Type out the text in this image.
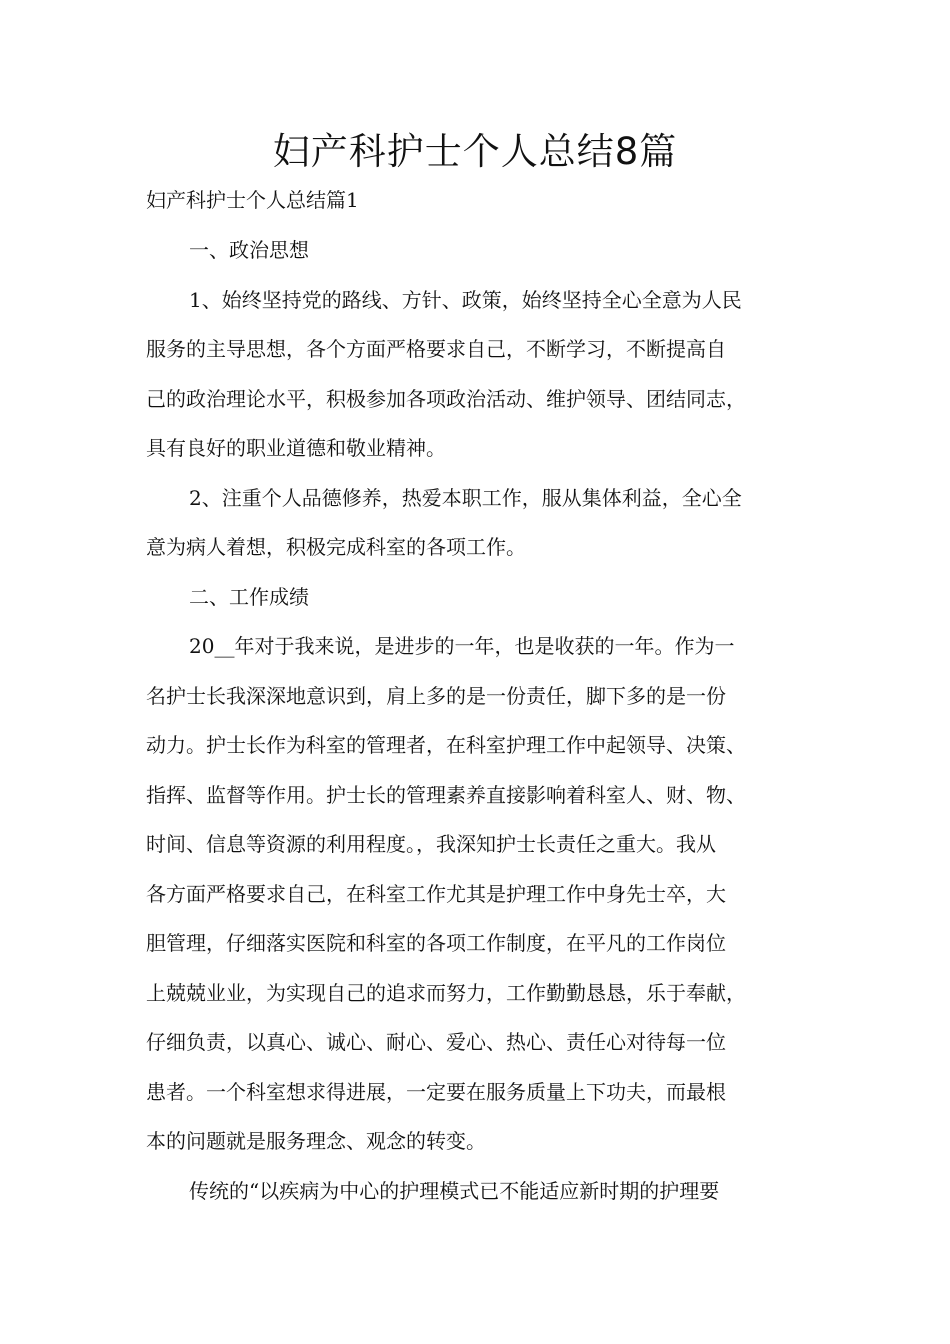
妇产科护士个人总结8篇

妇产科护士个人总结篇1

一、政治思想

1、始终坚持党的路线、方针、政策，始终坚持全心全意为人民
服务的主导思想，各个方面严格要求自己，不断学习，不断提高自
己的政治理论水平，积极参加各项政治活动、维护领导、团结同志，
具有良好的职业道德和敬业精神。

2、注重个人品德修养，热爱本职工作，服从集体利益，全心全
意为病人着想，积极完成科室的各项工作。

二、工作成绩

20__年对于我来说，是进步的一年，也是收获的一年。作为一
名护士长我深深地意识到，肩上多的是一份责任，脚下多的是一份
动力。护士长作为科室的管理者，在科室护理工作中起领导、决策、
指挥、监督等作用。护士长的管理素养直接影响着科室人、财、物、
时间、信息等资源的利用程度。，我深知护士长责任之重大。我从
各方面严格要求自己，在科室工作尤其是护理工作中身先士卒，大
胆管理，仔细落实医院和科室的各项工作制度，在平凡的工作岗位
上兢兢业业，为实现自己的追求而努力，工作勤勤恳恳，乐于奉献，
仔细负责，以真心、诚心、耐心、爱心、热心、责任心对待每一位
患者。一个科室想求得进展，一定要在服务质量上下功夫，而最根
本的问题就是服务理念、观念的转变。

传统的“以疾病为中心的护理模式已不能适应新时期的护理要
